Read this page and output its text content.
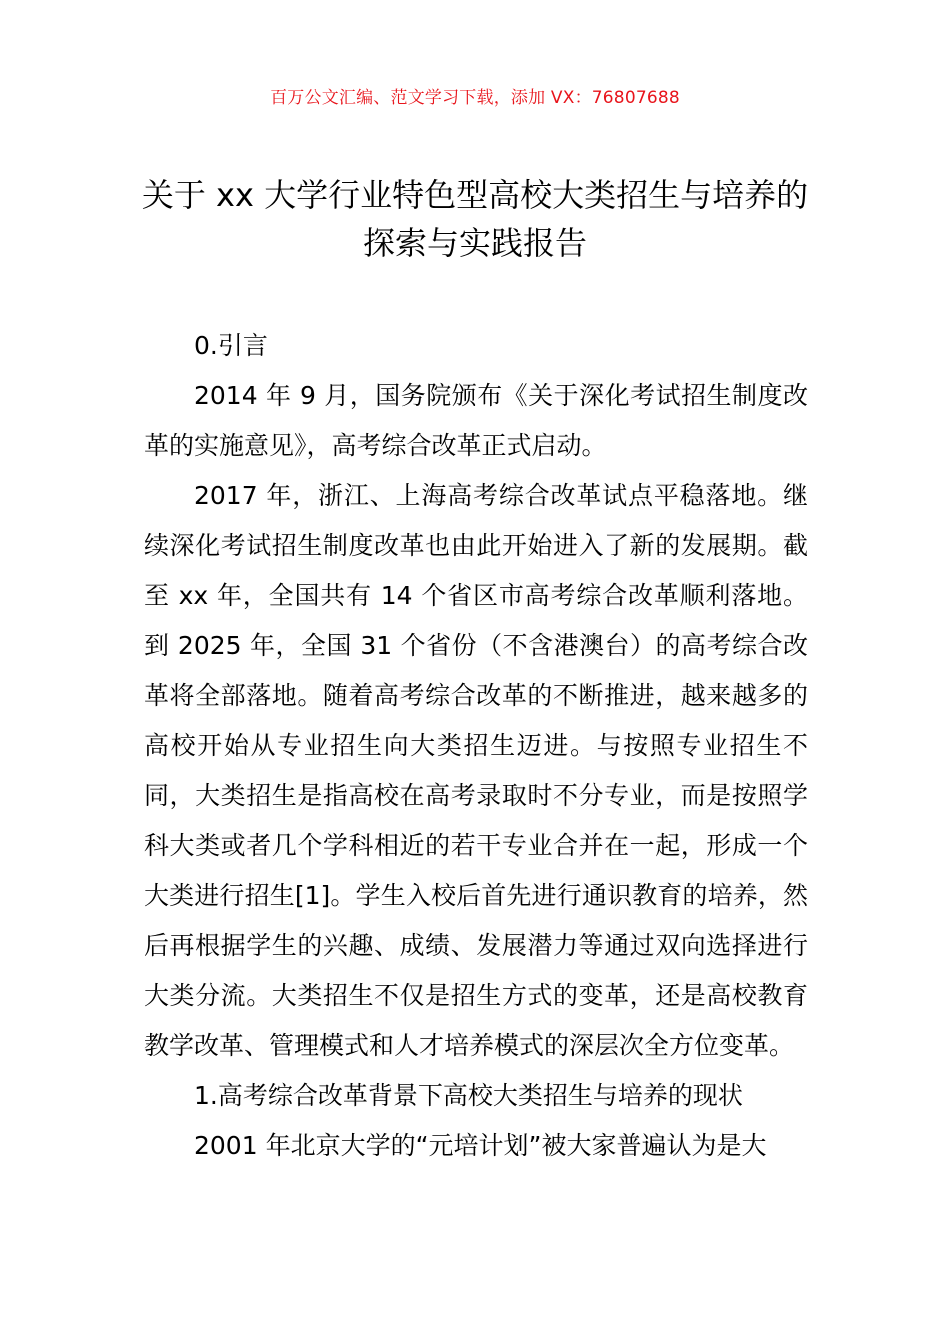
百万公文汇编、范文学习下载，添加 VX：76807688
关于 xx 大学行业特色型高校大类招生与培养的探索与实践报告

0.引言

2014 年 9 月，国务院颁布《关于深化考试招生制度改革的实施意见》，高考综合改革正式启动。

2017 年，浙江、上海高考综合改革试点平稳落地。继续深化考试招生制度改革也由此开始进入了新的发展期。截至 xx 年，全国共有 14 个省区市高考综合改革顺利落地。到 2025 年，全国 31 个省份（不含港澳台）的高考综合改革将全部落地。随着高考综合改革的不断推进，越来越多的高校开始从专业招生向大类招生迈进。与按照专业招生不同，大类招生是指高校在高考录取时不分专业，而是按照学科大类或者几个学科相近的若干专业合并在一起，形成一个大类进行招生[1]。学生入校后首先进行通识教育的培养，然后再根据学生的兴趣、成绩、发展潜力等通过双向选择进行大类分流。大类招生不仅是招生方式的变革，还是高校教育教学改革、管理模式和人才培养模式的深层次全方位变革。

1.高考综合改革背景下高校大类招生与培养的现状

2001 年北京大学的“元培计划”被大家普遍认为是大
